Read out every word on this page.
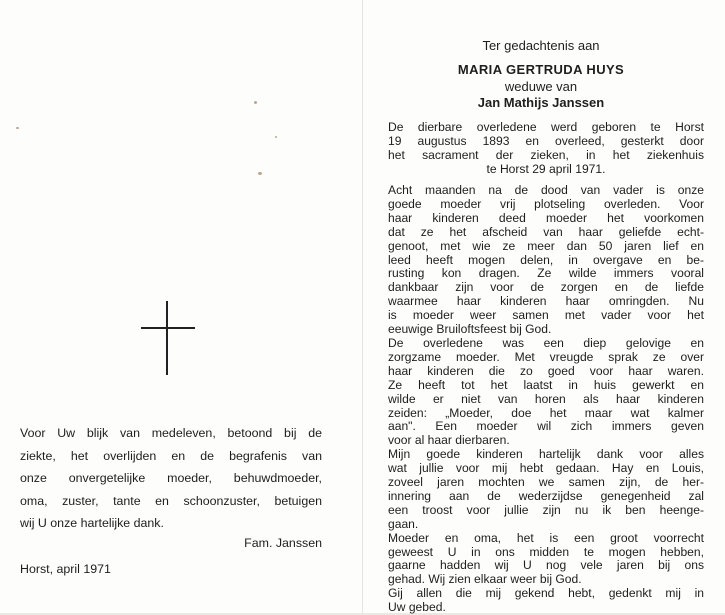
Voor Uw blijk van medeleven, betoond bij de
ziekte, het overlijden en de begrafenis van
onze onvergetelijke moeder, behuwdmoeder,
oma, zuster, tante en schoonzuster, betuigen
wij U onze hartelijke dank.
Fam. Janssen
Horst, april 1971
Ter gedachtenis aan
MARIA GERTRUDA HUYS
weduwe van
Jan Mathijs Janssen
De dierbare overledene werd geboren te Horst
19 augustus 1893 en overleed, gesterkt door
het sacrament der zieken, in het ziekenhuis
te Horst 29 april 1971.
Acht maanden na de dood van vader is onze
goede moeder vrij plotseling overleden. Voor
haar kinderen deed moeder het voorkomen
dat ze het afscheid van haar geliefde echt-
genoot, met wie ze meer dan 50 jaren lief en
leed heeft mogen delen, in overgave en be-
rusting kon dragen. Ze wilde immers vooral
dankbaar zijn voor de zorgen en de liefde
waarmee haar kinderen haar omringden. Nu
is moeder weer samen met vader voor het
eeuwige Bruiloftsfeest bij God.
De overledene was een diep gelovige en
zorgzame moeder. Met vreugde sprak ze over
haar kinderen die zo goed voor haar waren.
Ze heeft tot het laatst in huis gewerkt en
wilde er niet van horen als haar kinderen
zeiden: „Moeder, doe het maar wat kalmer
aan". Een moeder wil zich immers geven
voor al haar dierbaren.
Mijn goede kinderen hartelijk dank voor alles
wat jullie voor mij hebt gedaan. Hay en Louis,
zoveel jaren mochten we samen zijn, de her-
innering aan de wederzijdse genegenheid zal
een troost voor jullie zijn nu ik ben heenge-
gaan.
Moeder en oma, het is een groot voorrecht
geweest U in ons midden te mogen hebben,
gaarne hadden wij U nog vele jaren bij ons
gehad. Wij zien elkaar weer bij God.
Gij allen die mij gekend hebt, gedenkt mij in
Uw gebed.
